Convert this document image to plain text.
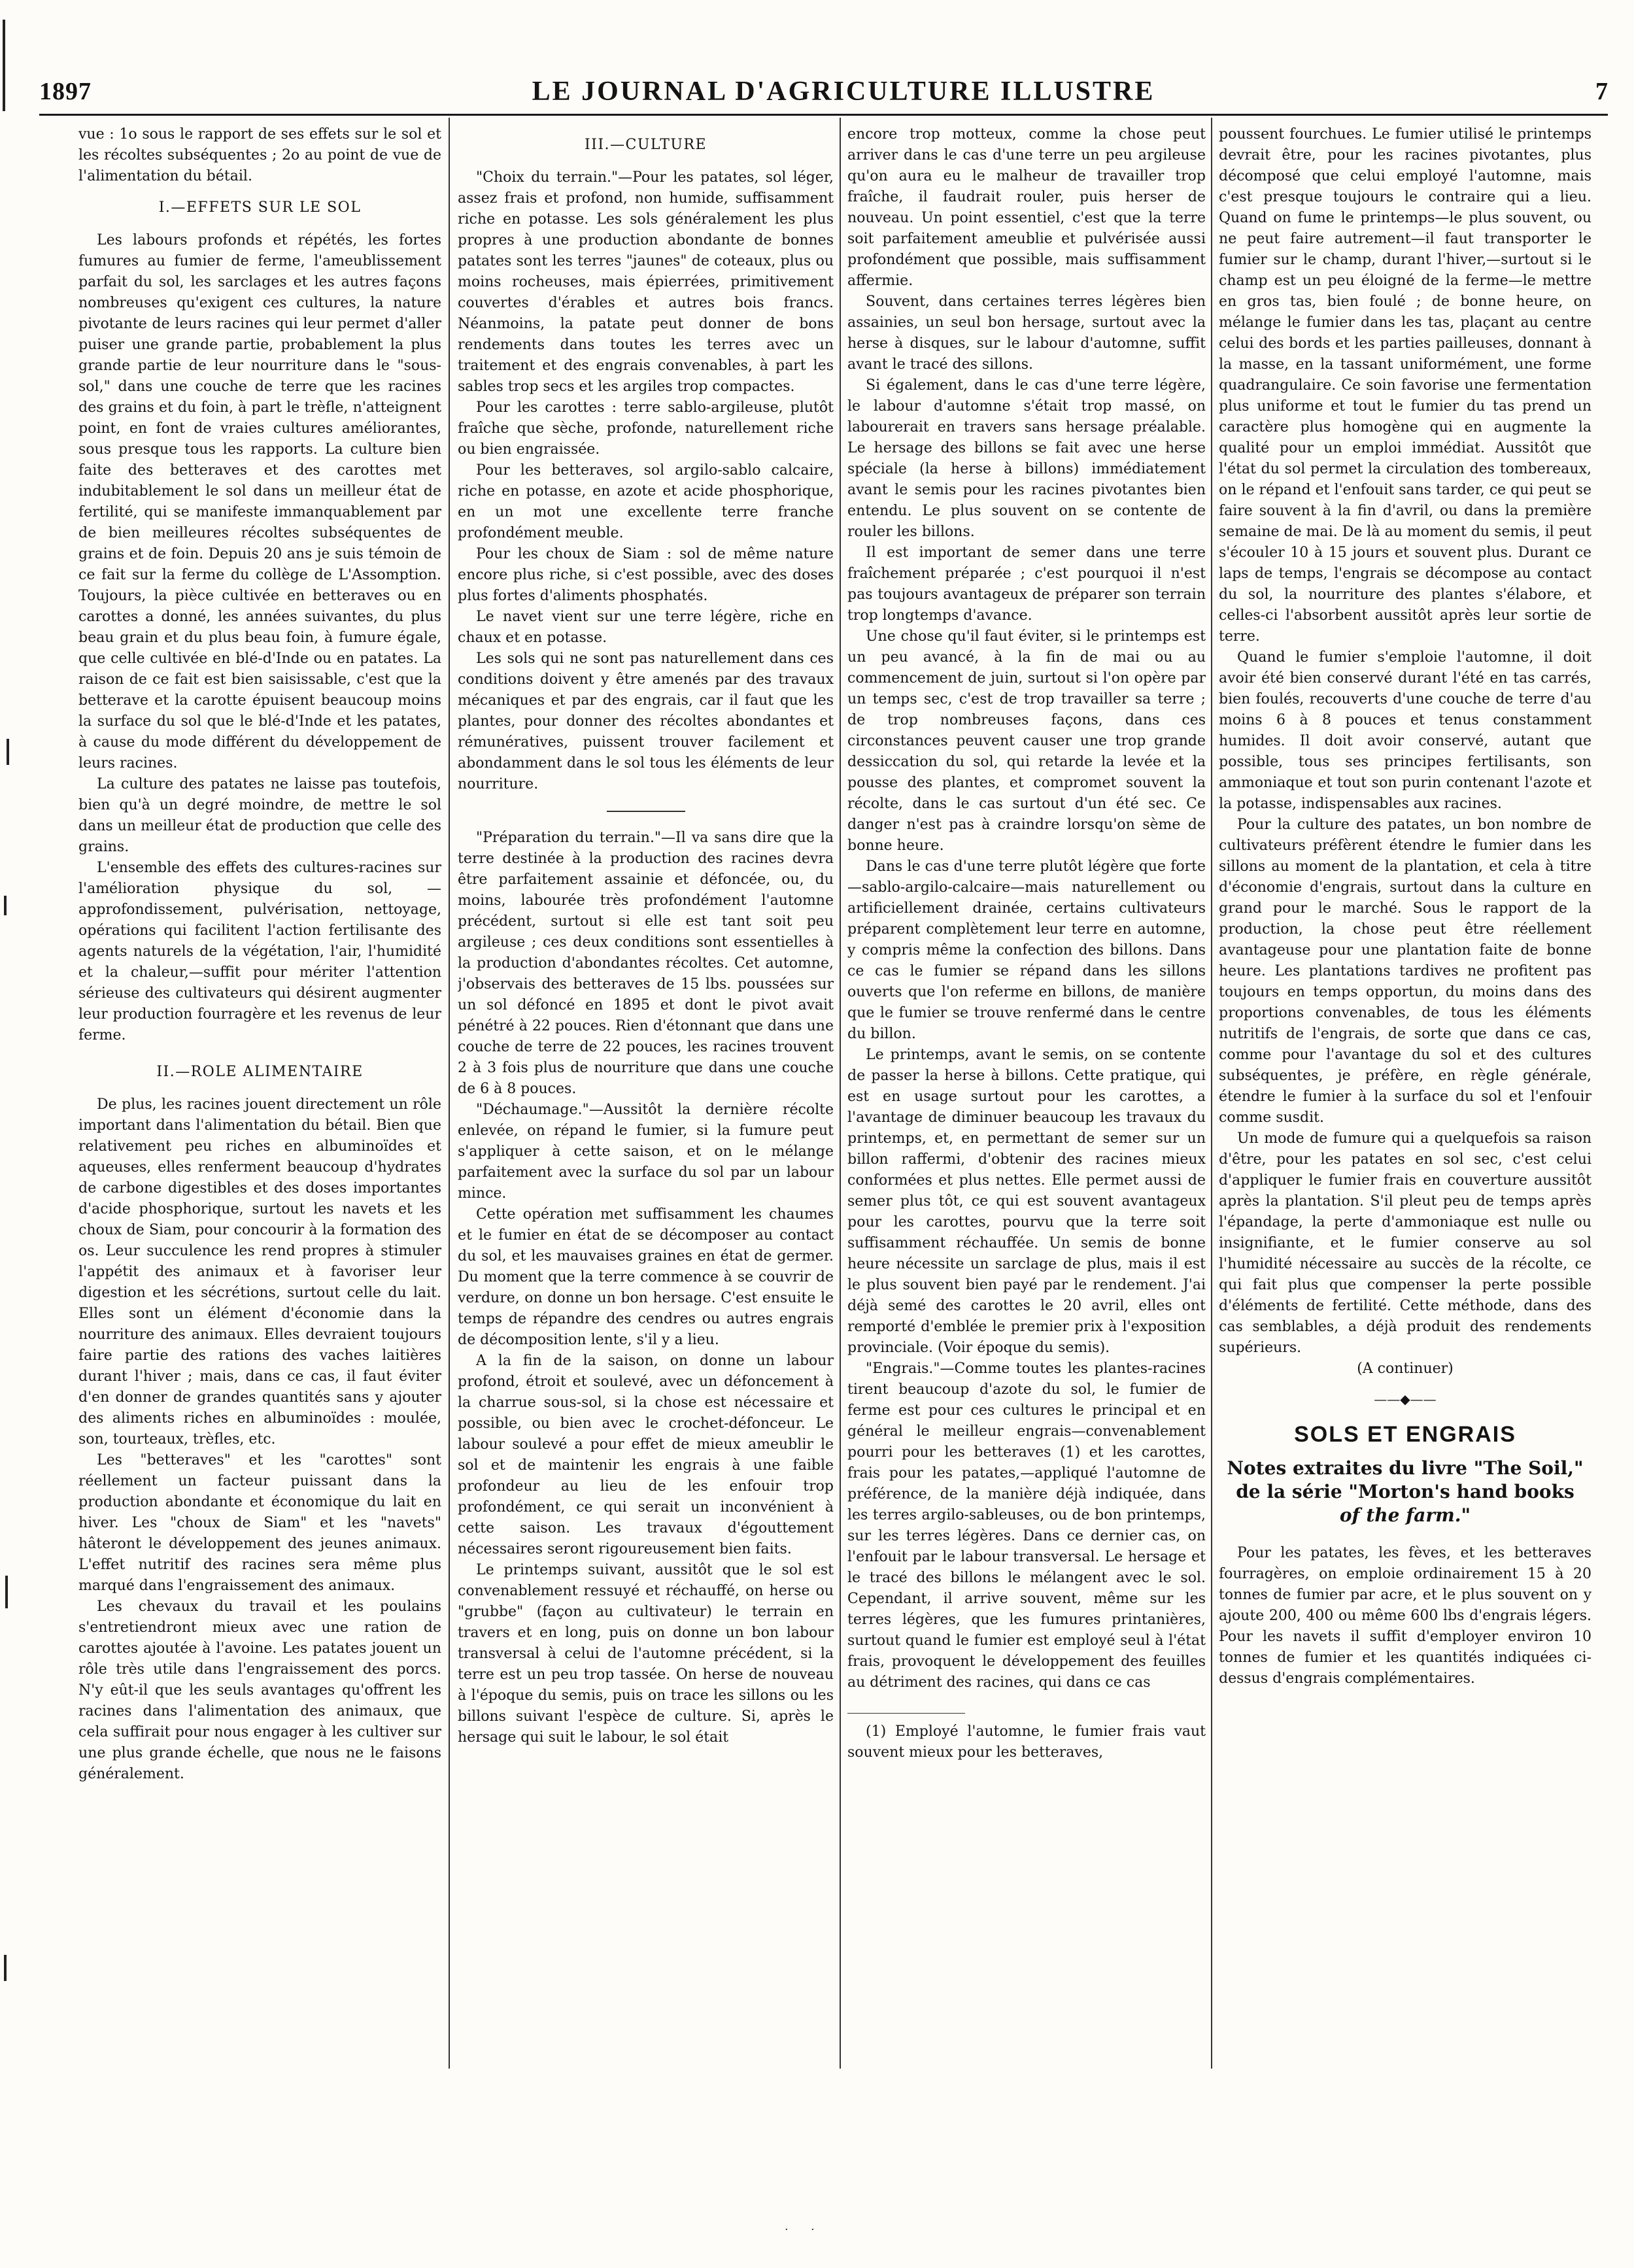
1897	LE JOURNAL D'AGRICULTURE ILLUSTRE	7

vue : 1o sous le rapport de ses effets sur le sol et les récoltes subséquentes ; 2o au point de vue de l'alimentation du bétail.

I.—EFFETS SUR LE SOL

Les labours profonds et répétés, les fortes fumures au fumier de ferme, l'ameublissement parfait du sol, les sarclages et les autres façons nombreuses qu'exigent ces cultures, la nature pivotante de leurs racines qui leur permet d'aller puiser une grande partie, probablement la plus grande partie de leur nourriture dans le "sous-sol," dans une couche de terre que les racines des grains et du foin, à part le trèfle, n'atteignent point, en font de vraies cultures améliorantes, sous presque tous les rapports. La culture bien faite des betteraves et des carottes met indubitablement le sol dans un meilleur état de fertilité, qui se manifeste immanquablement par de bien meilleures récoltes subséquentes de grains et de foin. Depuis 20 ans je suis témoin de ce fait sur la ferme du collège de L'Assomption. Toujours, la pièce cultivée en betteraves ou en carottes a donné, les années suivantes, du plus beau grain et du plus beau foin, à fumure égale, que celle cultivée en blé-d'Inde ou en patates. La raison de ce fait est bien saisissable, c'est que la betterave et la carotte épuisent beaucoup moins la surface du sol que le blé-d'Inde et les patates, à cause du mode différent du développement de leurs racines.

La culture des patates ne laisse pas toutefois, bien qu'à un degré moindre, de mettre le sol dans un meilleur état de production que celle des grains.

L'ensemble des effets des cultures-racines sur l'amélioration physique du sol, —approfondissement, pulvérisation, nettoyage, opérations qui facilitent l'action fertilisante des agents naturels de la végétation, l'air, l'humidité et la chaleur,—suffit pour mériter l'attention sérieuse des cultivateurs qui désirent augmenter leur production fourragère et les revenus de leur ferme.

II.—ROLE ALIMENTAIRE

De plus, les racines jouent directement un rôle important dans l'alimentation du bétail. Bien que relativement peu riches en albuminoïdes et aqueuses, elles renferment beaucoup d'hydrates de carbone digestibles et des doses importantes d'acide phosphorique, surtout les navets et les choux de Siam, pour concourir à la formation des os. Leur succulence les rend propres à stimuler l'appétit des animaux et à favoriser leur digestion et les sécrétions, surtout celle du lait. Elles sont un élément d'économie dans la nourriture des animaux. Elles devraient toujours faire partie des rations des vaches laitières durant l'hiver ; mais, dans ce cas, il faut éviter d'en donner de grandes quantités sans y ajouter des aliments riches en albuminoïdes : moulée, son, tourteaux, trèfles, etc.

Les "betteraves" et les "carottes" sont réellement un facteur puissant dans la production abondante et économique du lait en hiver. Les "choux de Siam" et les "navets" hâteront le développement des jeunes animaux. L'effet nutritif des racines sera même plus marqué dans l'engraissement des animaux.

Les chevaux du travail et les poulains s'entretiendront mieux avec une ration de carottes ajoutée à l'avoine. Les patates jouent un rôle très utile dans l'engraissement des porcs. N'y eût-il que les seuls avantages qu'offrent les racines dans l'alimentation des animaux, que cela suffirait pour nous engager à les cultiver sur une plus grande échelle, que nous ne le faisons généralement.

III.—CULTURE

"Choix du terrain."—Pour les patates, sol léger, assez frais et profond, non humide, suffisamment riche en potasse. Les sols généralement les plus propres à une production abondante de bonnes patates sont les terres "jaunes" de coteaux, plus ou moins rocheuses, mais épierrées, primitivement couvertes d'érables et autres bois francs. Néanmoins, la patate peut donner de bons rendements dans toutes les terres avec un traitement et des engrais convenables, à part les sables trop secs et les argiles trop compactes.

Pour les carottes : terre sablo-argileuse, plutôt fraîche que sèche, profonde, naturellement riche ou bien engraissée.

Pour les betteraves, sol argilo-sablo calcaire, riche en potasse, en azote et acide phosphorique, en un mot une excellente terre franche profondément meuble.

Pour les choux de Siam : sol de même nature encore plus riche, si c'est possible, avec des doses plus fortes d'aliments phosphatés.

Le navet vient sur une terre légère, riche en chaux et en potasse.

Les sols qui ne sont pas naturellement dans ces conditions doivent y être amenés par des travaux mécaniques et par des engrais, car il faut que les plantes, pour donner des récoltes abondantes et rémunératives, puissent trouver facilement et abondamment dans le sol tous les éléments de leur nourriture.

"Préparation du terrain."—Il va sans dire que la terre destinée à la production des racines devra être parfaitement assainie et défoncée, ou, du moins, labourée très profondément l'automne précédent, surtout si elle est tant soit peu argileuse ; ces deux conditions sont essentielles à la production d'abondantes récoltes. Cet automne, j'observais des betteraves de 15 lbs. poussées sur un sol défoncé en 1895 et dont le pivot avait pénétré à 22 pouces. Rien d'étonnant que dans une couche de terre de 22 pouces, les racines trouvent 2 à 3 fois plus de nourriture que dans une couche de 6 à 8 pouces.

"Déchaumage."—Aussitôt la dernière récolte enlevée, on répand le fumier, si la fumure peut s'appliquer à cette saison, et on le mélange parfaitement avec la surface du sol par un labour mince.

Cette opération met suffisamment les chaumes et le fumier en état de se décomposer au contact du sol, et les mauvaises graines en état de germer. Du moment que la terre commence à se couvrir de verdure, on donne un bon hersage. C'est ensuite le temps de répandre des cendres ou autres engrais de décomposition lente, s'il y a lieu.

A la fin de la saison, on donne un labour profond, étroit et soulevé, avec un défoncement à la charrue sous-sol, si la chose est nécessaire et possible, ou bien avec le crochet-défonceur. Le labour soulevé a pour effet de mieux ameublir le sol et de maintenir les engrais à une faible profondeur au lieu de les enfouir trop profondément, ce qui serait un inconvénient à cette saison. Les travaux d'égouttement nécessaires seront rigoureusement bien faits.

Le printemps suivant, aussitôt que le sol est convenablement ressuyé et réchauffé, on herse ou "grubbe" (façon au cultivateur) le terrain en travers et en long, puis on donne un bon labour transversal à celui de l'automne précédent, si la terre est un peu trop tassée. On herse de nouveau à l'époque du semis, puis on trace les sillons ou les billons suivant l'espèce de culture. Si, après le hersage qui suit le labour, le sol était

encore trop motteux, comme la chose peut arriver dans le cas d'une terre un peu argileuse qu'on aura eu le malheur de travailler trop fraîche, il faudrait rouler, puis herser de nouveau. Un point essentiel, c'est que la terre soit parfaitement ameublie et pulvérisée aussi profondément que possible, mais suffisamment affermie.

Souvent, dans certaines terres légères bien assainies, un seul bon hersage, surtout avec la herse à disques, sur le labour d'automne, suffit avant le tracé des sillons.

Si également, dans le cas d'une terre légère, le labour d'automne s'était trop massé, on labourerait en travers sans hersage préalable. Le hersage des billons se fait avec une herse spéciale (la herse à billons) immédiatement avant le semis pour les racines pivotantes bien entendu. Le plus souvent on se contente de rouler les billons.

Il est important de semer dans une terre fraîchement préparée ; c'est pourquoi il n'est pas toujours avantageux de préparer son terrain trop longtemps d'avance.

Une chose qu'il faut éviter, si le printemps est un peu avancé, à la fin de mai ou au commencement de juin, surtout si l'on opère par un temps sec, c'est de trop travailler sa terre ; de trop nombreuses façons, dans ces circonstances peuvent causer une trop grande dessiccation du sol, qui retarde la levée et la pousse des plantes, et compromet souvent la récolte, dans le cas surtout d'un été sec. Ce danger n'est pas à craindre lorsqu'on sème de bonne heure.

Dans le cas d'une terre plutôt légère que forte—sablo-argilo-calcaire—mais naturellement ou artificiellement drainée, certains cultivateurs préparent complètement leur terre en automne, y compris même la confection des billons. Dans ce cas le fumier se répand dans les sillons ouverts que l'on referme en billons, de manière que le fumier se trouve renfermé dans le centre du billon.

Le printemps, avant le semis, on se contente de passer la herse à billons. Cette pratique, qui est en usage surtout pour les carottes, a l'avantage de diminuer beaucoup les travaux du printemps, et, en permettant de semer sur un billon raffermi, d'obtenir des racines mieux conformées et plus nettes. Elle permet aussi de semer plus tôt, ce qui est souvent avantageux pour les carottes, pourvu que la terre soit suffisamment réchauffée. Un semis de bonne heure nécessite un sarclage de plus, mais il est le plus souvent bien payé par le rendement. J'ai déjà semé des carottes le 20 avril, elles ont remporté d'emblée le premier prix à l'exposition provinciale. (Voir époque du semis).

"Engrais."—Comme toutes les plantes-racines tirent beaucoup d'azote du sol, le fumier de ferme est pour ces cultures le principal et en général le meilleur engrais—convenablement pourri pour les betteraves (1) et les carottes, frais pour les patates,—appliqué l'automne de préférence, de la manière déjà indiquée, dans les terres argilo-sableuses, ou de bon printemps, sur les terres légères. Dans ce dernier cas, on l'enfouit par le labour transversal. Le hersage et le tracé des billons le mélangent avec le sol. Cependant, il arrive souvent, même sur les terres légères, que les fumures printanières, surtout quand le fumier est employé seul à l'état frais, provoquent le développement des feuilles au détriment des racines, qui dans ce cas

(1) Employé l'automne, le fumier frais vaut souvent mieux pour les betteraves,

poussent fourchues. Le fumier utilisé le printemps devrait être, pour les racines pivotantes, plus décomposé que celui employé l'automne, mais c'est presque toujours le contraire qui a lieu. Quand on fume le printemps—le plus souvent, ou ne peut faire autrement—il faut transporter le fumier sur le champ, durant l'hiver,—surtout si le champ est un peu éloigné de la ferme—le mettre en gros tas, bien foulé ; de bonne heure, on mélange le fumier dans les tas, plaçant au centre celui des bords et les parties pailleuses, donnant à la masse, en la tassant uniformément, une forme quadrangulaire. Ce soin favorise une fermentation plus uniforme et tout le fumier du tas prend un caractère plus homogène qui en augmente la qualité pour un emploi immédiat. Aussitôt que l'état du sol permet la circulation des tombereaux, on le répand et l'enfouit sans tarder, ce qui peut se faire souvent à la fin d'avril, ou dans la première semaine de mai. De là au moment du semis, il peut s'écouler 10 à 15 jours et souvent plus. Durant ce laps de temps, l'engrais se décompose au contact du sol, la nourriture des plantes s'élabore, et celles-ci l'absorbent aussitôt après leur sortie de terre.

Quand le fumier s'emploie l'automne, il doit avoir été bien conservé durant l'été en tas carrés, bien foulés, recouverts d'une couche de terre d'au moins 6 à 8 pouces et tenus constamment humides. Il doit avoir conservé, autant que possible, tous ses principes fertilisants, son ammoniaque et tout son purin contenant l'azote et la potasse, indispensables aux racines.

Pour la culture des patates, un bon nombre de cultivateurs préfèrent étendre le fumier dans les sillons au moment de la plantation, et cela à titre d'économie d'engrais, surtout dans la culture en grand pour le marché. Sous le rapport de la production, la chose peut être réellement avantageuse pour une plantation faite de bonne heure. Les plantations tardives ne profitent pas toujours en temps opportun, du moins dans des proportions convenables, de tous les éléments nutritifs de l'engrais, de sorte que dans ce cas, comme pour l'avantage du sol et des cultures subséquentes, je préfère, en règle générale, étendre le fumier à la surface du sol et l'enfouir comme susdit.

Un mode de fumure qui a quelquefois sa raison d'être, pour les patates en sol sec, c'est celui d'appliquer le fumier frais en couverture aussitôt après la plantation. S'il pleut peu de temps après l'épandage, la perte d'ammoniaque est nulle ou insignifiante, et le fumier conserve au sol l'humidité nécessaire au succès de la récolte, ce qui fait plus que compenser la perte possible d'éléments de fertilité. Cette méthode, dans des cas semblables, a déjà produit des rendements supérieurs.

(A continuer)

——◆——
SOLS ET ENGRAIS
Notes extraites du livre "The Soil,"
de la série "Morton's hand books
of the farm."

Pour les patates, les fèves, et les betteraves fourragères, on emploie ordinairement 15 à 20 tonnes de fumier par acre, et le plus souvent on y ajoute 200, 400 ou même 600 lbs d'engrais légers. Pour les navets il suffit d'employer environ 10 tonnes de fumier et les quantités indiquées ci-dessus d'engrais complémentaires.

·      ·
